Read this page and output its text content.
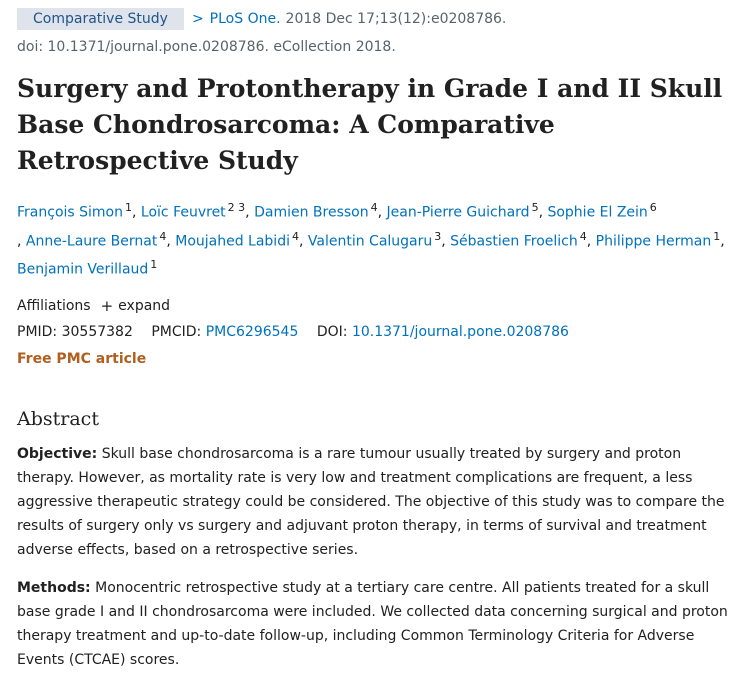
Comparative Study	> PLoS One. 2018 Dec 17;13(12):e0208786.
doi: 10.1371/journal.pone.0208786. eCollection 2018.
Surgery and Protontherapy in Grade I and II Skull Base Chondrosarcoma: A Comparative Retrospective Study
François Simon $^1$, Loïc Feuvret $^{2 3}$, Damien Bresson $^4$, Jean-Pierre Guichard $^5$, Sophie El Zein $^6$
, Anne-Laure Bernat $^4$, Moujahed Labidi $^4$, Valentin Calugaru $^3$, Sébastien Froelich $^4$, Philippe Herman $^1$, Benjamin Verillaud $^1$
Affiliations + expand
PMID: 30557382 PMCID: PMC6296545 DOI: 10.1371/journal.pone.0208786
Free PMC article
Abstract

Objective: Skull base chondrosarcoma is a rare tumour usually treated by surgery and proton therapy. However, as mortality rate is very low and treatment complications are frequent, a less aggressive therapeutic strategy could be considered. The objective of this study was to compare the results of surgery only vs surgery and adjuvant proton therapy, in terms of survival and treatment adverse effects, based on a retrospective series.

Methods: Monocentric retrospective study at a tertiary care centre. All patients treated for a skull base grade I and II chondrosarcoma were included. We collected data concerning surgical and proton therapy treatment and up-to-date follow-up, including Common Terminology Criteria for Adverse Events (CTCAE) scores.
